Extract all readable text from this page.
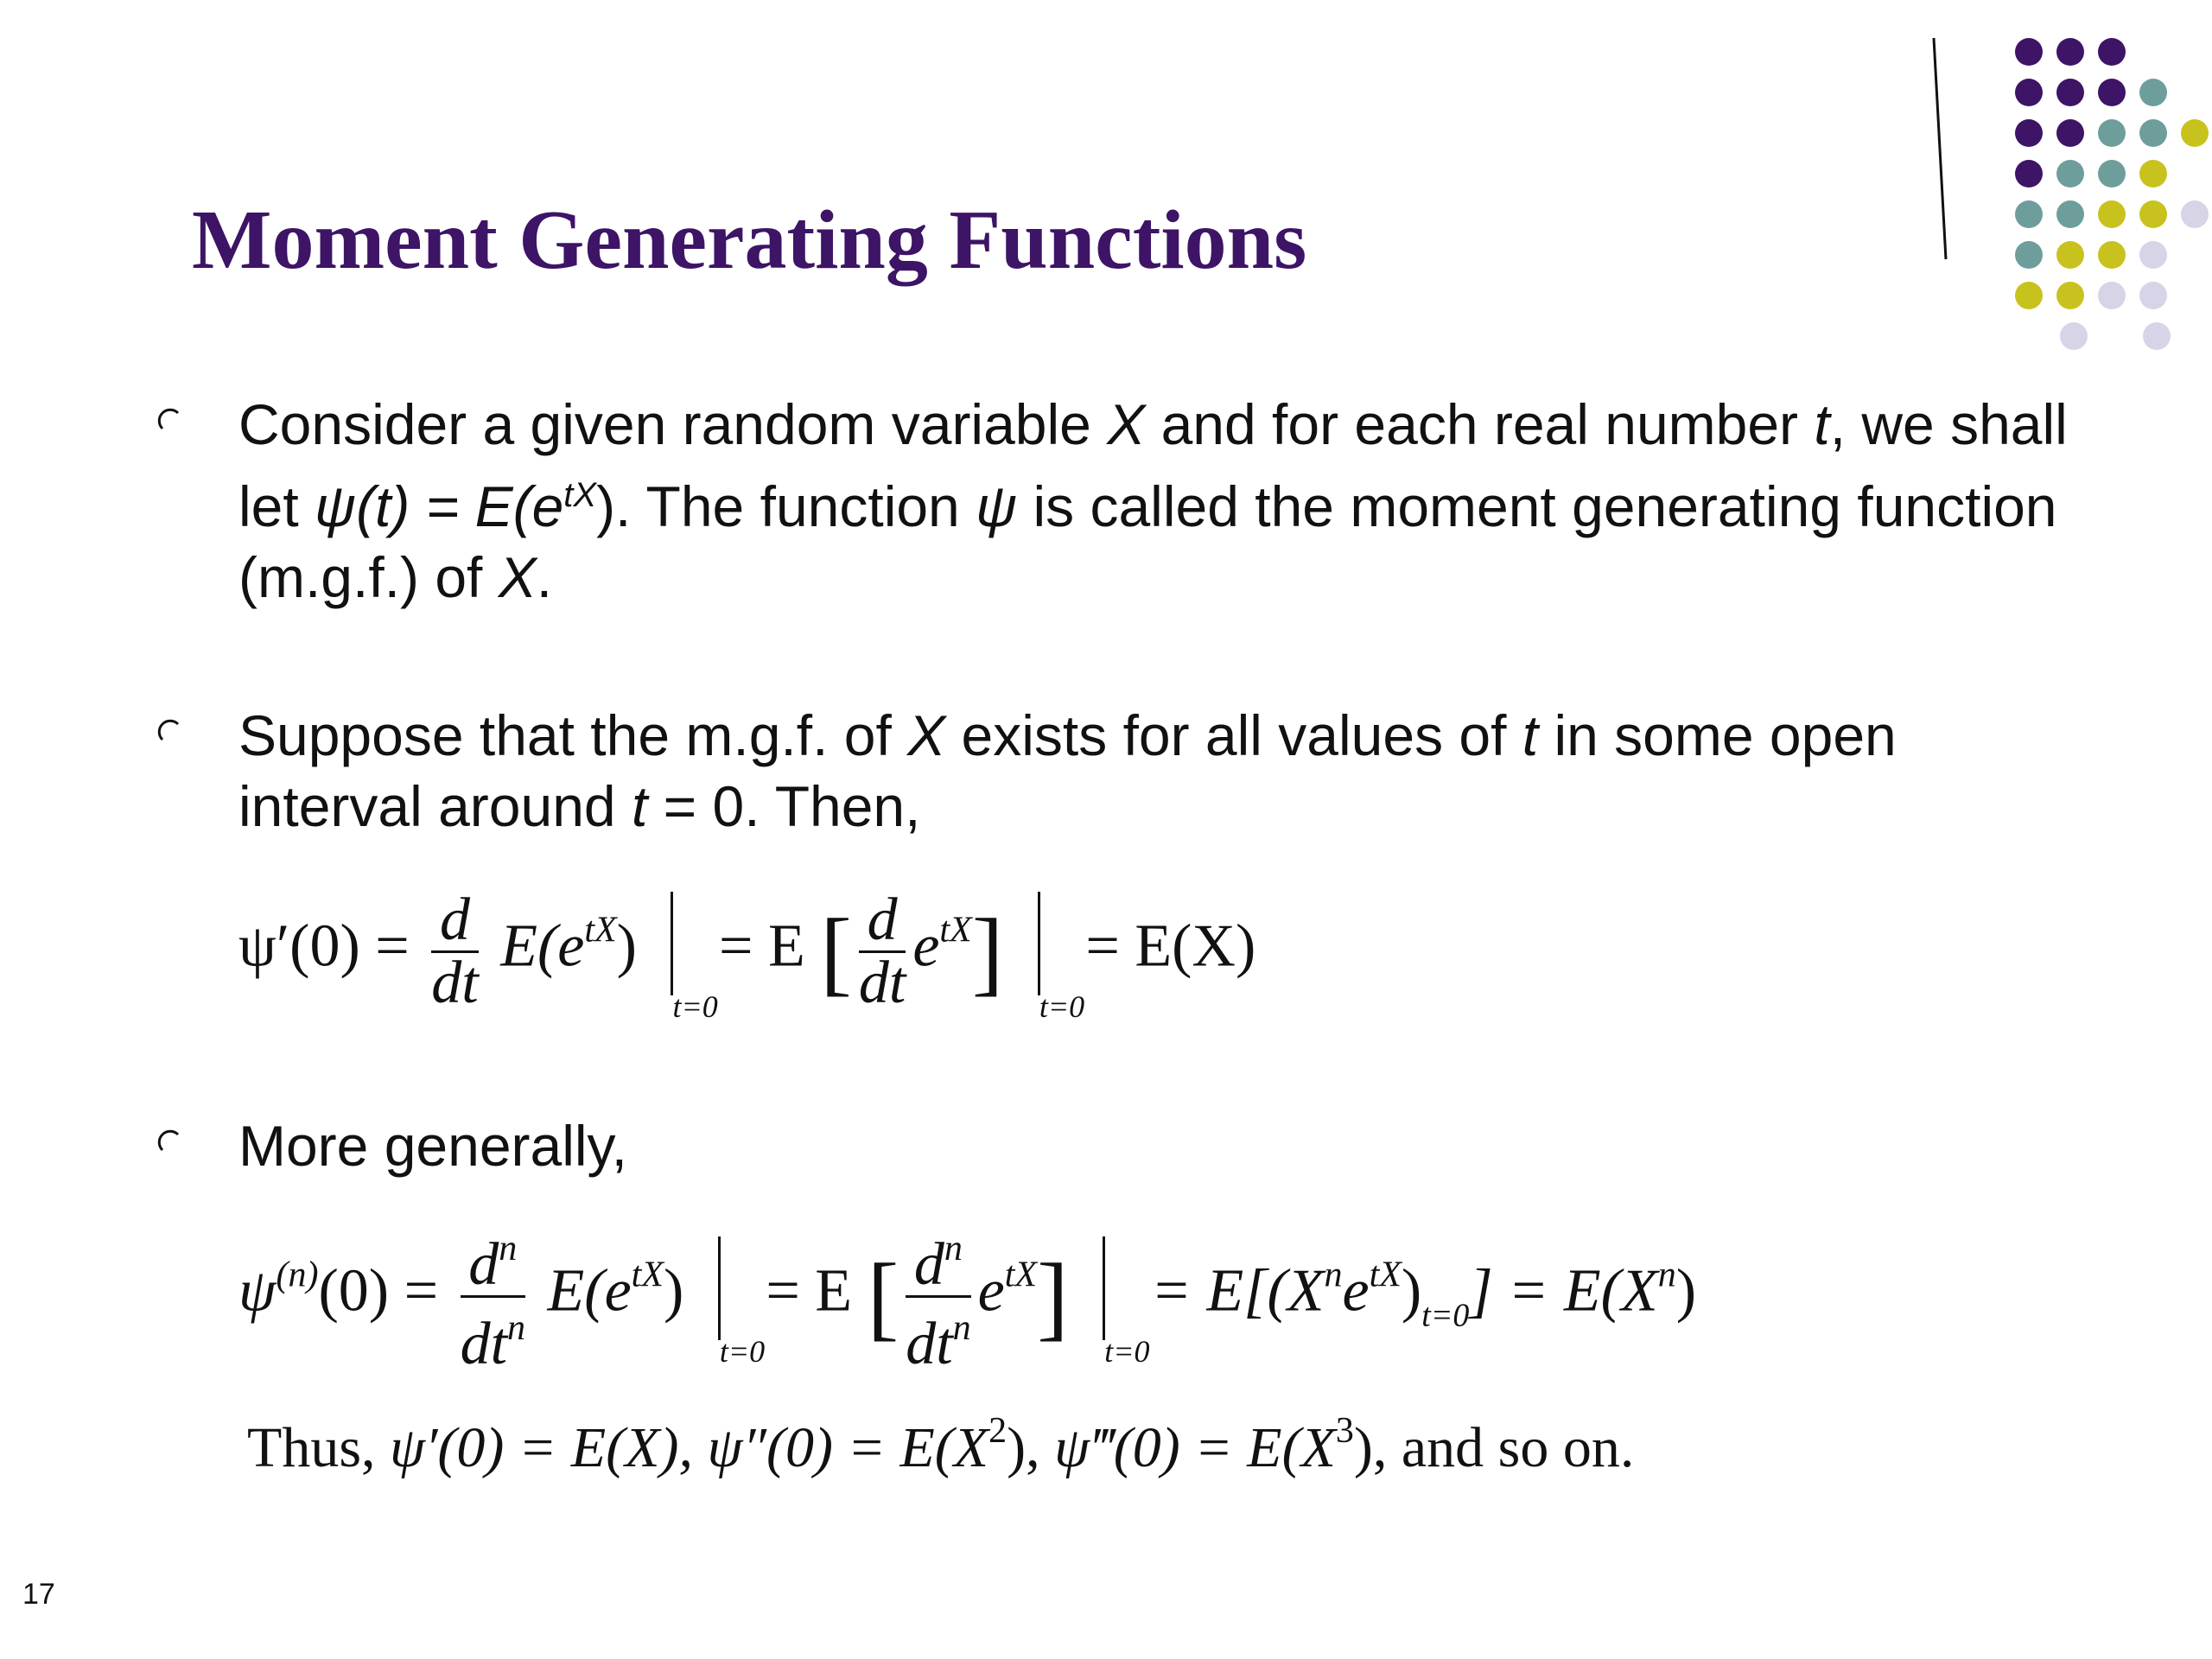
Moment Generating Functions
Consider a given random variable X and for each real number t, we shall let $\psi(t) = E(e^{tX})$. The function ψ is called the moment generating function (m.g.f.) of X.
Suppose that the m.g.f. of X exists for all values of t in some open interval around t = 0. Then,
$\psi'(0) = \frac{d}{dt} E(e^{tX})$
t=0
= E [ $\frac{d}{dt} e^{tX}$]
t=0
= E(X)
More generally,
$\psi^{(n)}(0) = \frac{d^n}{dt^n} E(e^{tX})$
t=0
= E [ $\frac{d^n}{dt^n} e^{tX}$]
t=0
= $E[(X^ne^{tX})_{t=0}] = E(X^n)$
Thus, ψ′(0) = E(X), $\psi''(0) = E(X^2)$, ψ‴(0) = $E(X^3)$, and so on.
17
